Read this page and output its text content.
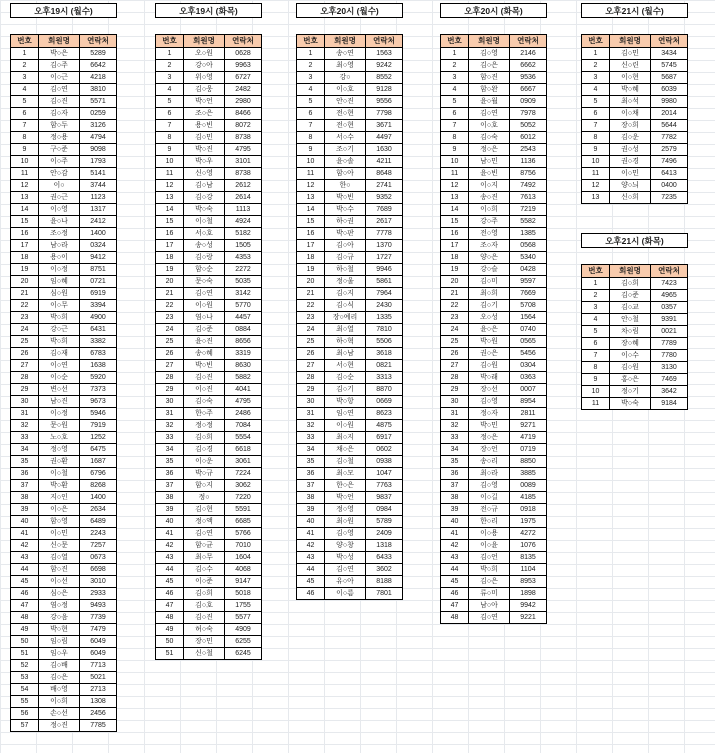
오후19시 (월수)
번호	회원명	연락처
1	박○은	5289
2	김○주	6642
3	이○근	4218
4	김○연	3810
5	김○진	5571
6	김○자	0259
7	함○두	3126
8	정○용	4794
9	구○준	9098
10	이○주	1793
11	안○감	5141
12	이○	3744
13	권○근	1123
14	이○영	1317
15	윤○나	2412
16	조○정	1400
17	남○라	0324
18	용○이	9412
19	이○정	8751
20	임○혜	0721
21	심○원	6919
22	이○무	3394
23	박○희	4900
24	강○근	6431
25	박○희	3382
26	김○재	6783
27	이○연	1638
28	이○순	5920
29	변○선	7373
30	남○진	9673
31	이○정	5946
32	문○원	7919
33	노○호	1252
34	정○영	6475
35	권○환	1687
36	이○철	6796
37	박○환	8268
38	지○인	1400
39	이○은	2634
40	함○영	6489
41	이○민	2243
42	신○문	7257
43	김○열	0673
44	함○진	6698
45	이○선	3010
46	심○은	2933
47	염○정	9493
48	강○음	7739
49	박○현	7479
50	임○림	6049
51	임○우	6049
52	김○배	7713
53	김○은	5021
54	배○영	2713
55	이○희	1308
56	손○선	2456
57	정○진	7785
오후19시 (화목)
번호	회원명	연락처
1	오○원	0628
2	강○아	9963
3	위○영	6727
4	김○웅	2482
5	박○언	2980
6	조○은	8466
7	용○빈	8072
8	김○민	8738
9	박○진	4795
10	박○우	3101
11	신○영	8738
12	김○남	2612
13	김○강	2614
14	박○숙	1113
15	이○철	4924
16	서○호	5182
17	송○성	1505
18	김○랑	4353
19	함○순	2272
20	문○숙	5035
21	김○연	3142
22	이○원	5770
23	염○나	4457
24	김○준	0884
25	윤○진	8656
26	송○혜	3319
27	박○빈	8630
28	김○진	5882
29	이○진	4041
30	김○숙	4795
31	한○주	2486
32	정○정	7084
33	김○희	5554
34	김○경	6618
35	이○운	3061
36	박○규	7224
37	함○지	3062
38	정○	7220
39	김○현	5591
40	정○액	6685
41	김○연	5766
42	함○균	7010
43	최○무	1604
44	김○수	4068
45	이○준	9147
46	김○희	5018
47	김○호	1755
48	김○진	5577
49	허○숙	4909
50	장○민	6255
51	신○철	6245
오후20시 (월수)
번호	회원명	연락처
1	송○연	1563
2	최○영	9242
3	강○	8552
4	이○호	9128
5	안○진	9556
6	전○현	7798
7	전○현	3671
8	서○수	4497
9	조○기	1630
10	윤○솔	4211
11	함○아	8648
12	한○	2741
13	박○빈	9352
14	박○수	7689
15	하○권	2617
16	박○판	7778
17	김○아	1370
18	김○규	1727
19	하○철	9946
20	정○울	5861
21	김○지	7964
22	김○식	2430
23	장○예리	1335
24	최○열	7810
25	하○혁	5506
26	최○남	3618
27	서○현	0821
28	김○순	3313
29	김○기	8870
30	박○항	0669
31	임○연	8623
32	이○원	4875
33	최○지	6917
34	채○은	0602
35	김○철	0938
36	최○모	1047
37	한○은	7763
38	박○언	9837
39	정○영	0984
40	최○원	5789
41	김○영	2409
42	양○창	1318
43	박○성	6433
44	김○연	3602
45	유○아	8188
46	이○름	7801
오후20시 (화목)
번호	회원명	연락처
1	김○영	2146
2	김○은	6662
3	함○진	9536
4	함○완	6667
5	윤○월	0909
6	김○연	7978
7	이○호	5052
8	김○숙	6012
9	정○은	2543
10	남○민	1136
11	윤○빈	8756
12	이○지	7492
13	송○진	7613
14	이○희	7219
15	강○주	5582
16	전○영	1385
17	조○자	0568
18	양○은	5340
19	강○슬	0428
20	김○미	9597
21	최○희	7669
22	김○기	5708
23	오○성	1564
24	윤○은	0740
25	박○원	0565
26	권○은	5456
27	김○원	0304
28	박○래	0363
29	장○선	0007
30	김○영	8954
31	정○자	2811
32	박○민	9271
33	정○은	4719
34	장○언	0719
35	송○리	8850
36	최○라	3885
37	김○영	0089
38	이○길	4185
39	전○규	0918
40	한○리	1975
41	이○용	4272
42	이○윤	1076
43	김○언	8135
44	박○희	1104
45	김○은	8953
46	류○미	1898
47	남○아	9942
48	김○연	9221
오후21시 (월수)
번호	회원명	연락처
1	김○민	3434
2	신○린	5745
3	이○현	5687
4	박○혜	6039
5	최○석	9980
6	이○채	2014
7	장○희	5644
8	김○운	7782
9	권○성	2579
10	권○경	7496
11	이○민	6413
12	양○늬	0400
13	신○희	7235
오후21시 (화목)
번호	회원명	연락처
1	김○희	7423
2	김○준	4965
3	김○교	0357
4	안○철	9391
5	차○림	0021
6	장○혜	7789
7	이○수	7780
8	김○원	3130
9	홍○은	7469
10	정○기	3642
11	박○숙	9184
